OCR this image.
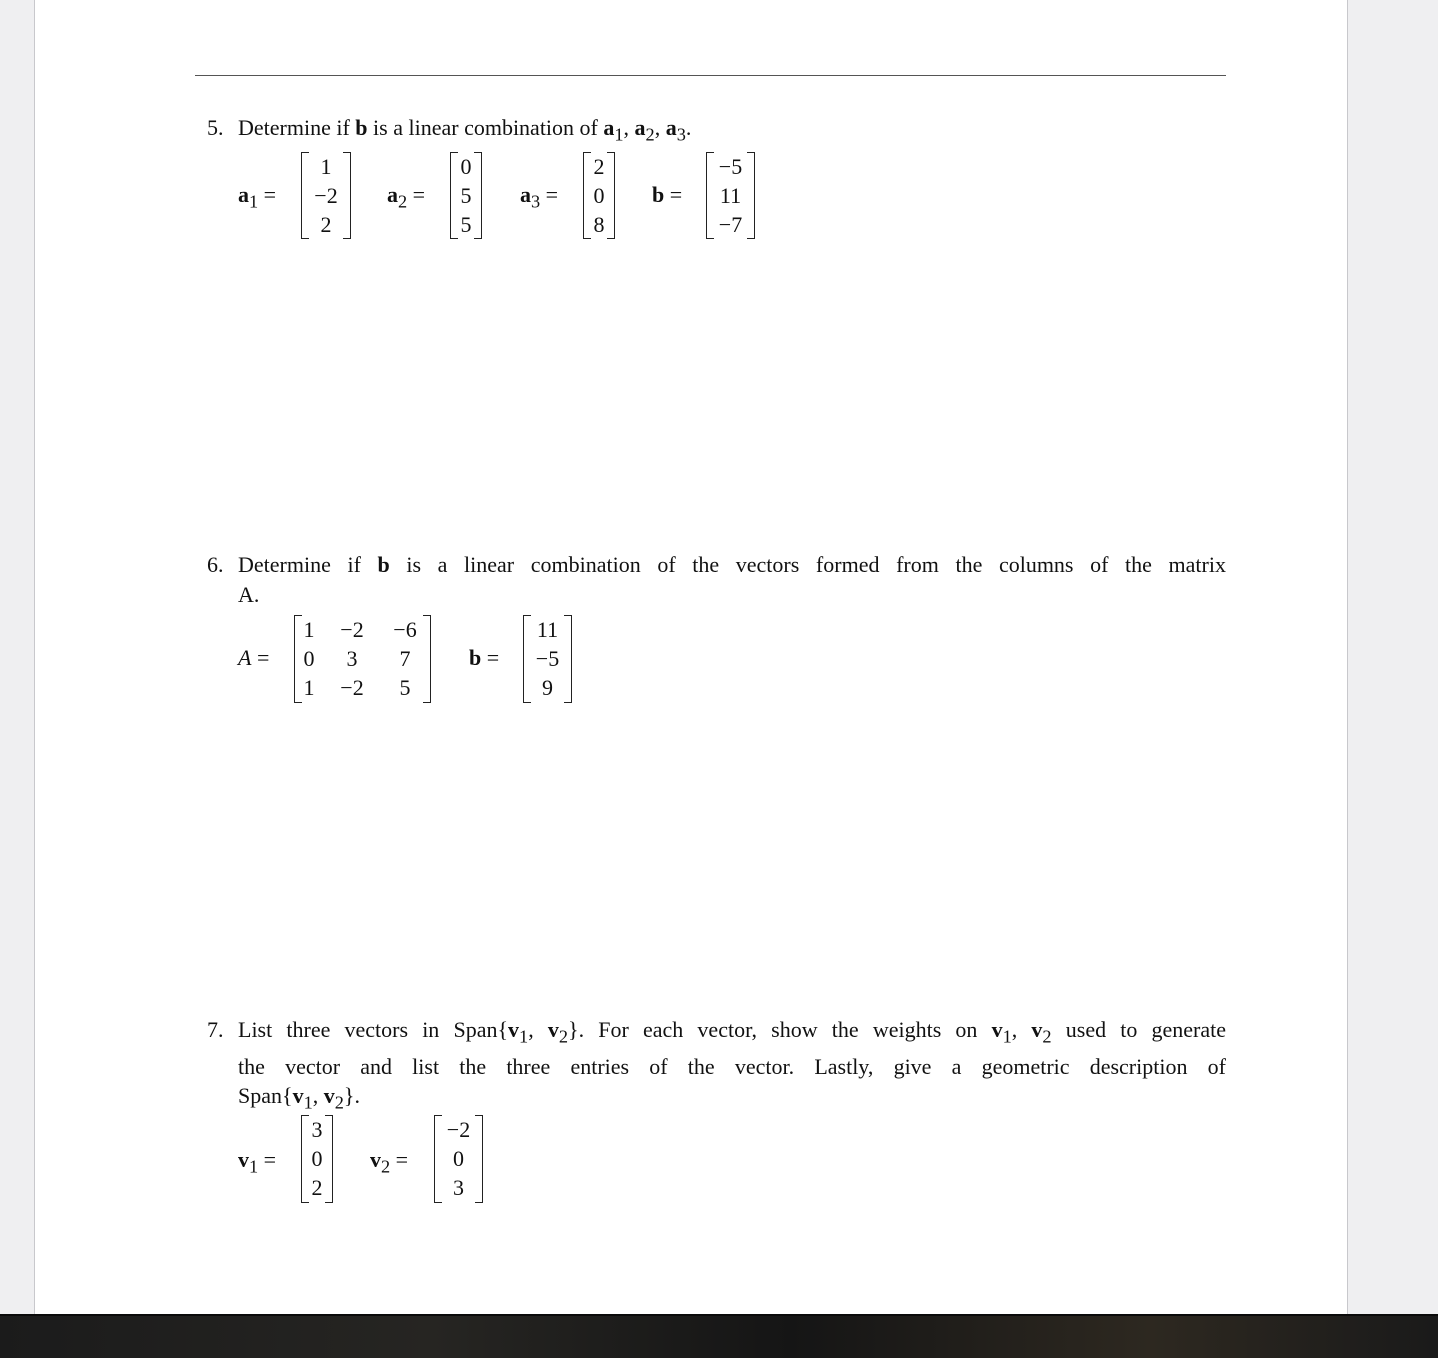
5. Determine if b is a linear combination of $a_1$, $a_2$, $a_3$.
$a_1$ =
1
−2
2
$a_2$ =
0
5
5
$a_3$ =
2
0
8
b =
−5
11
−7
6. Determine if b is a linear combination of the vectors formed from the columns of the matrix
A.
A =
1 −2 −6
0	3	7
1 −2	5
b =
11
−5
9
7. List three vectors in $Span\{v_1$, $v_2$}. For each vector, show the weights on $v_1$, $v_2$ used to generate
the vector and list the three entries of the vector. Lastly, give a geometric description of
$Span\{v_1$, $v_2$}.
$v_1$ =
3
0
2
$v_2$ =
−2
0
3
